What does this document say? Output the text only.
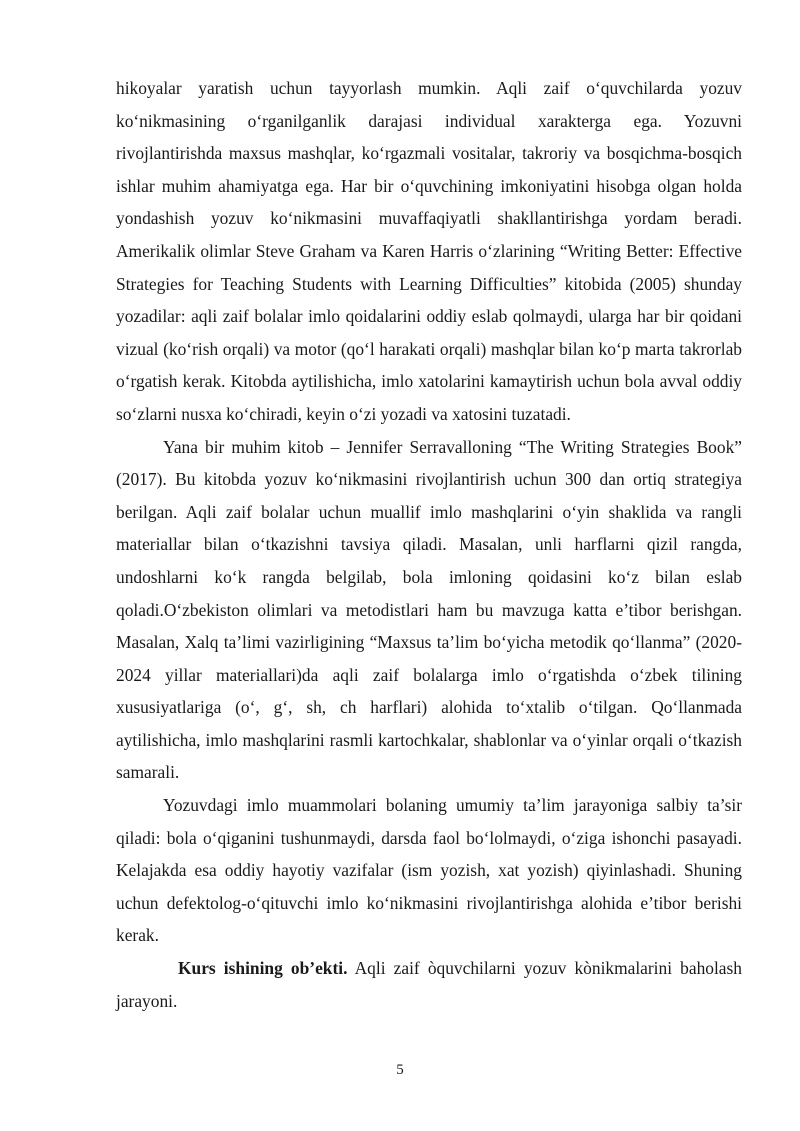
hikoyalar yaratish uchun tayyorlash mumkin. Aqli zaif o‘quvchilarda yozuv ko‘nikmasining o‘rganilganlik darajasi individual xarakterga ega. Yozuvni rivojlantirishda maxsus mashqlar, ko‘rgazmali vositalar, takroriy va bosqichma-bosqich ishlar muhim ahamiyatga ega. Har bir o‘quvchining imkoniyatini hisobga olgan holda yondashish yozuv ko‘nikmasini muvaffaqiyatli shakllantirishga yordam beradi. Amerikalik olimlar Steve Graham va Karen Harris o‘zlarining “Writing Better: Effective Strategies for Teaching Students with Learning Difficulties” kitobida (2005) shunday yozadilar: aqli zaif bolalar imlo qoidalarini oddiy eslab qolmaydi, ularga har bir qoidani vizual (ko‘rish orqali) va motor (qo‘l harakati orqali) mashqlar bilan ko‘p marta takrorlab o‘rgatish kerak. Kitobda aytilishicha, imlo xatolarini kamaytirish uchun bola avval oddiy so‘zlarni nusxa ko‘chiradi, keyin o‘zi yozadi va xatosini tuzatadi.

Yana bir muhim kitob – Jennifer Serravalloning “The Writing Strategies Book” (2017). Bu kitobda yozuv ko‘nikmasini rivojlantirish uchun 300 dan ortiq strategiya berilgan. Aqli zaif bolalar uchun muallif imlo mashqlarini o‘yin shaklida va rangli materiallar bilan o‘tkazishni tavsiya qiladi. Masalan, unli harflarni qizil rangda, undoshlarni ko‘k rangda belgilab, bola imloning qoidasini ko‘z bilan eslab qoladi.O‘zbekiston olimlari va metodistlari ham bu mavzuga katta e’tibor berishgan. Masalan, Xalq ta’limi vazirligining “Maxsus ta’lim bo‘yicha metodik qo‘llanma” (2020-2024 yillar materiallari)da aqli zaif bolalarga imlo o‘rgatishda o‘zbek tilining xususiyatlariga (o‘, g‘, sh, ch harflari) alohida to‘xtalib o‘tilgan. Qo‘llanmada aytilishicha, imlo mashqlarini rasmli kartochkalar, shablonlar va o‘yinlar orqali o‘tkazish samarali.

Yozuvdagi imlo muammolari bolaning umumiy ta’lim jarayoniga salbiy ta’sir qiladi: bola o‘qiganini tushunmaydi, darsda faol bo‘lolmaydi, o‘ziga ishonchi pasayadi. Kelajakda esa oddiy hayotiy vazifalar (ism yozish, xat yozish) qiyinlashadi. Shuning uchun defektolog-o‘qituvchi imlo ko‘nikmasini rivojlantirishga alohida e’tibor berishi kerak.

Kurs ishining ob’ekti. Aqli zaif òquvchilarni yozuv kònikmalarini baholash jarayoni.

5
